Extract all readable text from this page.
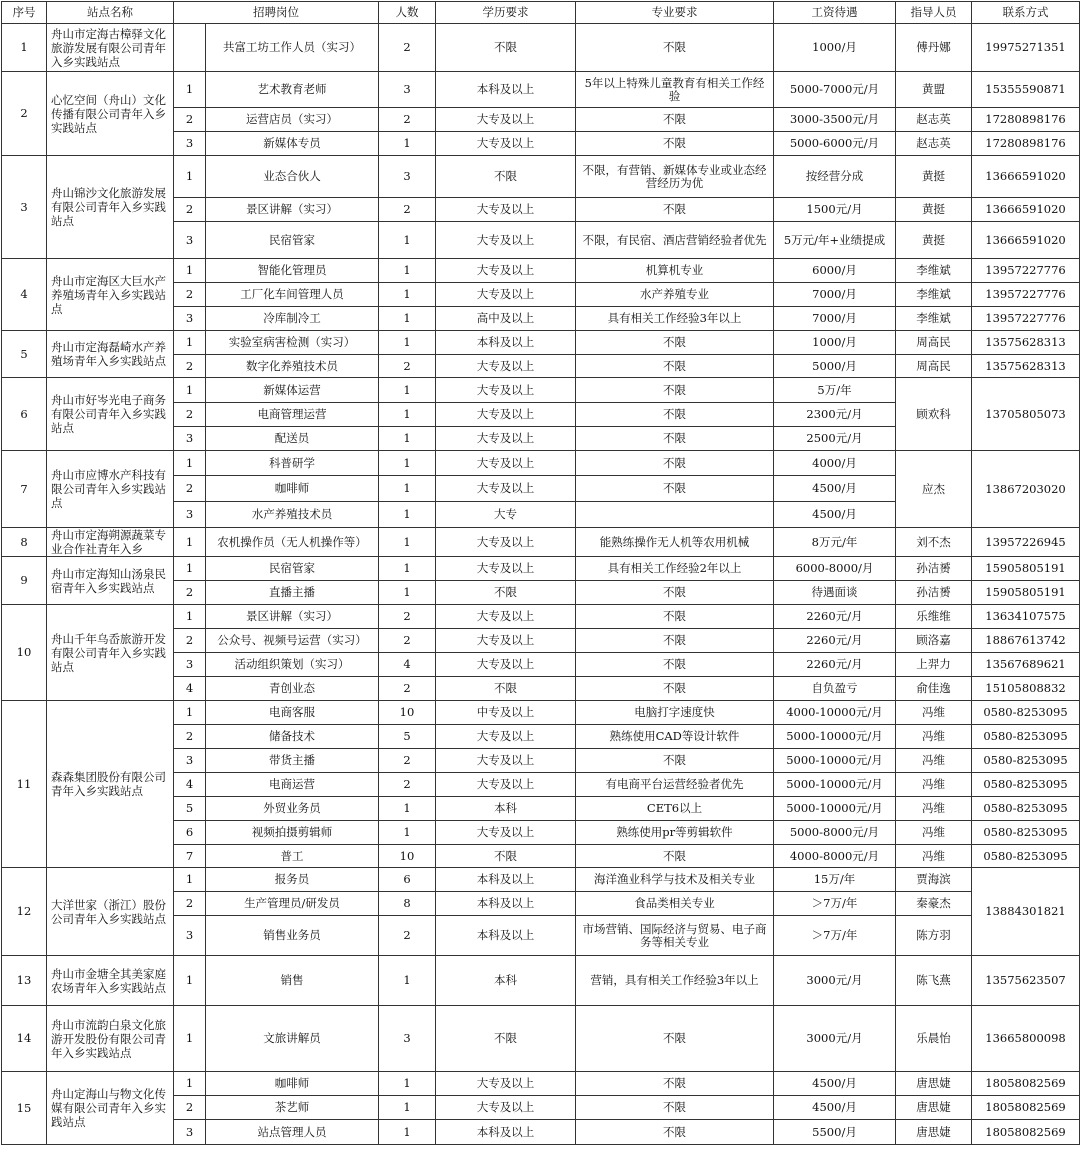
序号	站点名称	招聘岗位		人数	学历要求	专业要求	工资待遇	指导人员	联系方式
1	舟山市定海古樟驿文化旅游发展有限公司青年入乡实践站点		共富工坊工作人员（实习）	2	不限	不限	1000/月	傅丹娜	19975271351
2	心忆空间（舟山）文化传播有限公司青年入乡实践站点	1	艺术教育老师	3	本科及以上	5年以上特殊儿童教育有相关工作经验	5000-7000元/月	黄盟	15355590871
		2	运营店员（实习）	2	大专及以上	不限	3000-3500元/月	赵志英	17280898176
		3	新媒体专员	1	大专及以上	不限	5000-6000元/月	赵志英	17280898176
3	舟山锦沙文化旅游发展有限公司青年入乡实践站点	1	业态合伙人	3	不限	不限，有营销、新媒体专业或业态经营经历为优	按经营分成	黄挺	13666591020
		2	景区讲解（实习）	2	大专及以上	不限	1500元/月	黄挺	13666591020
		3	民宿管家	1	大专及以上	不限，有民宿、酒店营销经验者优先	5万元/年+业绩提成	黄挺	13666591020
4	舟山市定海区大巨水产养殖场青年入乡实践站点	1	智能化管理员	1	大专及以上	机算机专业	6000/月	李维斌	13957227776
		2	工厂化车间管理人员	1	大专及以上	水产养殖专业	7000/月	李维斌	13957227776
		3	冷库制冷工	1	高中及以上	具有相关工作经验3年以上	7000/月	李维斌	13957227776
5	舟山市定海磊崎水产养殖场青年入乡实践站点	1	实验室病害检测（实习）	1	本科及以上	不限	1000/月	周高民	13575628313
		2	数字化养殖技术员	2	大专及以上	不限	5000/月	周高民	13575628313
6	舟山市好岑光电子商务有限公司青年入乡实践站点	1	新媒体运营	1	大专及以上	不限	5万/年	顾欢科	13705805073
		2	电商管理运营	1	大专及以上	不限	2300元/月		
		3	配送员	1	大专及以上	不限	2500元/月		
7	舟山市应博水产科技有限公司青年入乡实践站点	1	科普研学	1	大专及以上	不限	4000/月	应杰	13867203020
		2	咖啡师	1	大专及以上	不限	4500/月		
		3	水产养殖技术员	1	大专		4500/月		
8	舟山市定海朔源蔬菜专业合作社青年入乡	1	农机操作员（无人机操作等）	1	大专及以上	能熟练操作无人机等农用机械	8万元/年	刘不杰	13957226945
9	舟山市定海知山汤泉民宿青年入乡实践站点	1	民宿管家	1	大专及以上	具有相关工作经验2年以上	6000-8000/月	孙洁赟	15905805191
		2	直播主播	1	不限	不限	待遇面谈	孙洁赟	15905805191
10	舟山千年乌岙旅游开发有限公司青年入乡实践站点	1	景区讲解（实习）	2	大专及以上	不限	2260元/月	乐维维	13634107575
		2	公众号、视频号运营（实习）	2	大专及以上	不限	2260元/月	顾洛嘉	18867613742
		3	活动组织策划（实习）	4	大专及以上	不限	2260元/月	上羿力	13567689621
		4	青创业态	2	不限	不限	自负盈亏	俞佳逸	15105808832
11	森森集团股份有限公司青年入乡实践站点	1	电商客服	10	中专及以上	电脑打字速度快	4000-10000元/月	冯维	0580-8253095
		2	储备技术	5	大专及以上	熟练使用CAD等设计软件	5000-10000元/月	冯维	0580-8253095
		3	带货主播	2	大专及以上	不限	5000-10000元/月	冯维	0580-8253095
		4	电商运营	2	大专及以上	有电商平台运营经验者优先	5000-10000元/月	冯维	0580-8253095
		5	外贸业务员	1	本科	CET6以上	5000-10000元/月	冯维	0580-8253095
		6	视频拍摄剪辑师	1	大专及以上	熟练使用pr等剪辑软件	5000-8000元/月	冯维	0580-8253095
		7	普工	10	不限	不限	4000-8000元/月	冯维	0580-8253095
12	大洋世家（浙江）股份公司青年入乡实践站点	1	报务员	6	本科及以上	海洋渔业科学与技术及相关专业	15万/年	贾海滨	13884301821
		2	生产管理员/研发员	8	本科及以上	食品类相关专业	＞7万/年	秦豪杰	
		3	销售业务员	2	本科及以上	市场营销、国际经济与贸易、电子商务等相关专业	＞7万/年	陈方羽	
13	舟山市金塘全其美家庭农场青年入乡实践站点	1	销售	1	本科	营销，具有相关工作经验3年以上	3000元/月	陈飞燕	13575623507
14	舟山市流韵白泉文化旅游开发股份有限公司青年入乡实践站点	1	文旅讲解员	3	不限	不限	3000元/月	乐晨怡	13665800098
15	舟山定海山与物文化传媒有限公司青年入乡实践站点	1	咖啡师	1	大专及以上	不限	4500/月	唐思婕	18058082569
		2	茶艺师	1	大专及以上	不限	4500/月	唐思婕	18058082569
		3	站点管理人员	1	本科及以上	不限	5500/月	唐思婕	18058082569
